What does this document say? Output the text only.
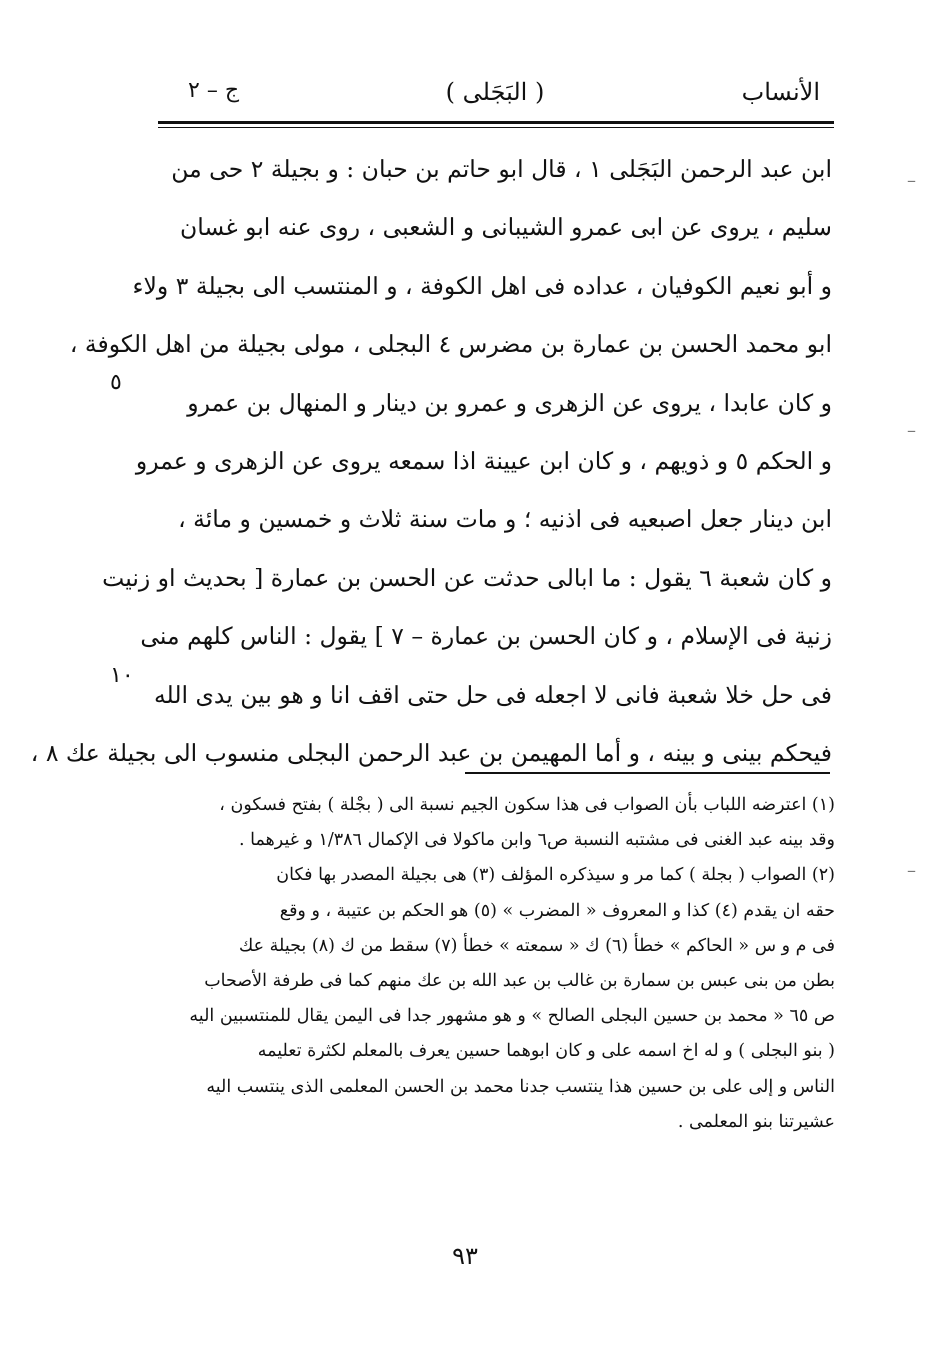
الأنساب
( البَجَلى )
ج – ٢
ابن عبد الرحمن البَجَلى ١ ، قال ابو حاتم بن حبان : و بجيلة ٢ حى من
سليم ، يروى عن ابى عمرو الشيبانى و الشعبى ، روى عنه ابو غسان
و أبو نعيم الكوفيان ، عداده فى اهل الكوفة ، و المنتسب الى بجيلة ٣ ولاء
ابو محمد الحسن بن عمارة بن مضرس ٤ البجلى ، مولى بجيلة من اهل الكوفة ،
و كان عابدا ، يروى عن الزهرى و عمرو بن دينار و المنهال بن عمرو
و الحكم ٥ و ذويهم ، و كان ابن عيينة اذا سمعه يروى عن الزهرى و عمرو
ابن دينار جعل اصبعيه فى اذنيه ؛ و مات سنة ثلاث و خمسين و مائة ،
و كان شعبة ٦ يقول : ما ابالى حدثت عن الحسن بن عمارة [ بحديث او زنيت
زنية فى الإسلام ، و كان الحسن بن عمارة – ٧ ] يقول : الناس كلهم منى
فى حل خلا شعبة فانى لا اجعله فى حل حتى اقف انا و هو بين يدى الله
فيحكم بينى و بينه ، و أما المهيمن بن عبد الرحمن البجلى منسوب الى بجيلة عك ٨ ،
٥
١٠
(١) اعترضه اللباب بأن الصواب فى هذا سكون الجيم نسبة الى ( بجْلة ) بفتح فسكون ،
وقد بينه عبد الغنى فى مشتبه النسبة ص٦ وابن ماكولا فى الإكمال ١/٣٨٦ و غيرهما .
(٢) الصواب ( بجلة ) كما مر و سيذكره المؤلف (٣) هى بجيلة المصدر بها فكان
حقه ان يقدم (٤) كذا و المعروف « المضرب » (٥) هو الحكم بن عتيبة ، و وقع
فى م و س « الحاكم » خطأ (٦) ك « سمعته » خطأ (٧) سقط من ك (٨) بجيلة عك
بطن من بنى عبس بن سمارة بن غالب بن عبد الله بن عك منهم كما فى طرفة الأصحاب
ص ٦٥ « محمد بن حسين البجلى الصالح » و هو مشهور جدا فى اليمن يقال للمنتسبين اليه
( بنو البجلى ) و له اخ اسمه على و كان ابوهما حسين يعرف بالمعلم لكثرة تعليمه
الناس و إلى على بن حسين هذا ينتسب جدنا محمد بن الحسن المعلمى الذى ينتسب اليه
عشيرتنا بنو المعلمى .
٩٣
–
–
–
